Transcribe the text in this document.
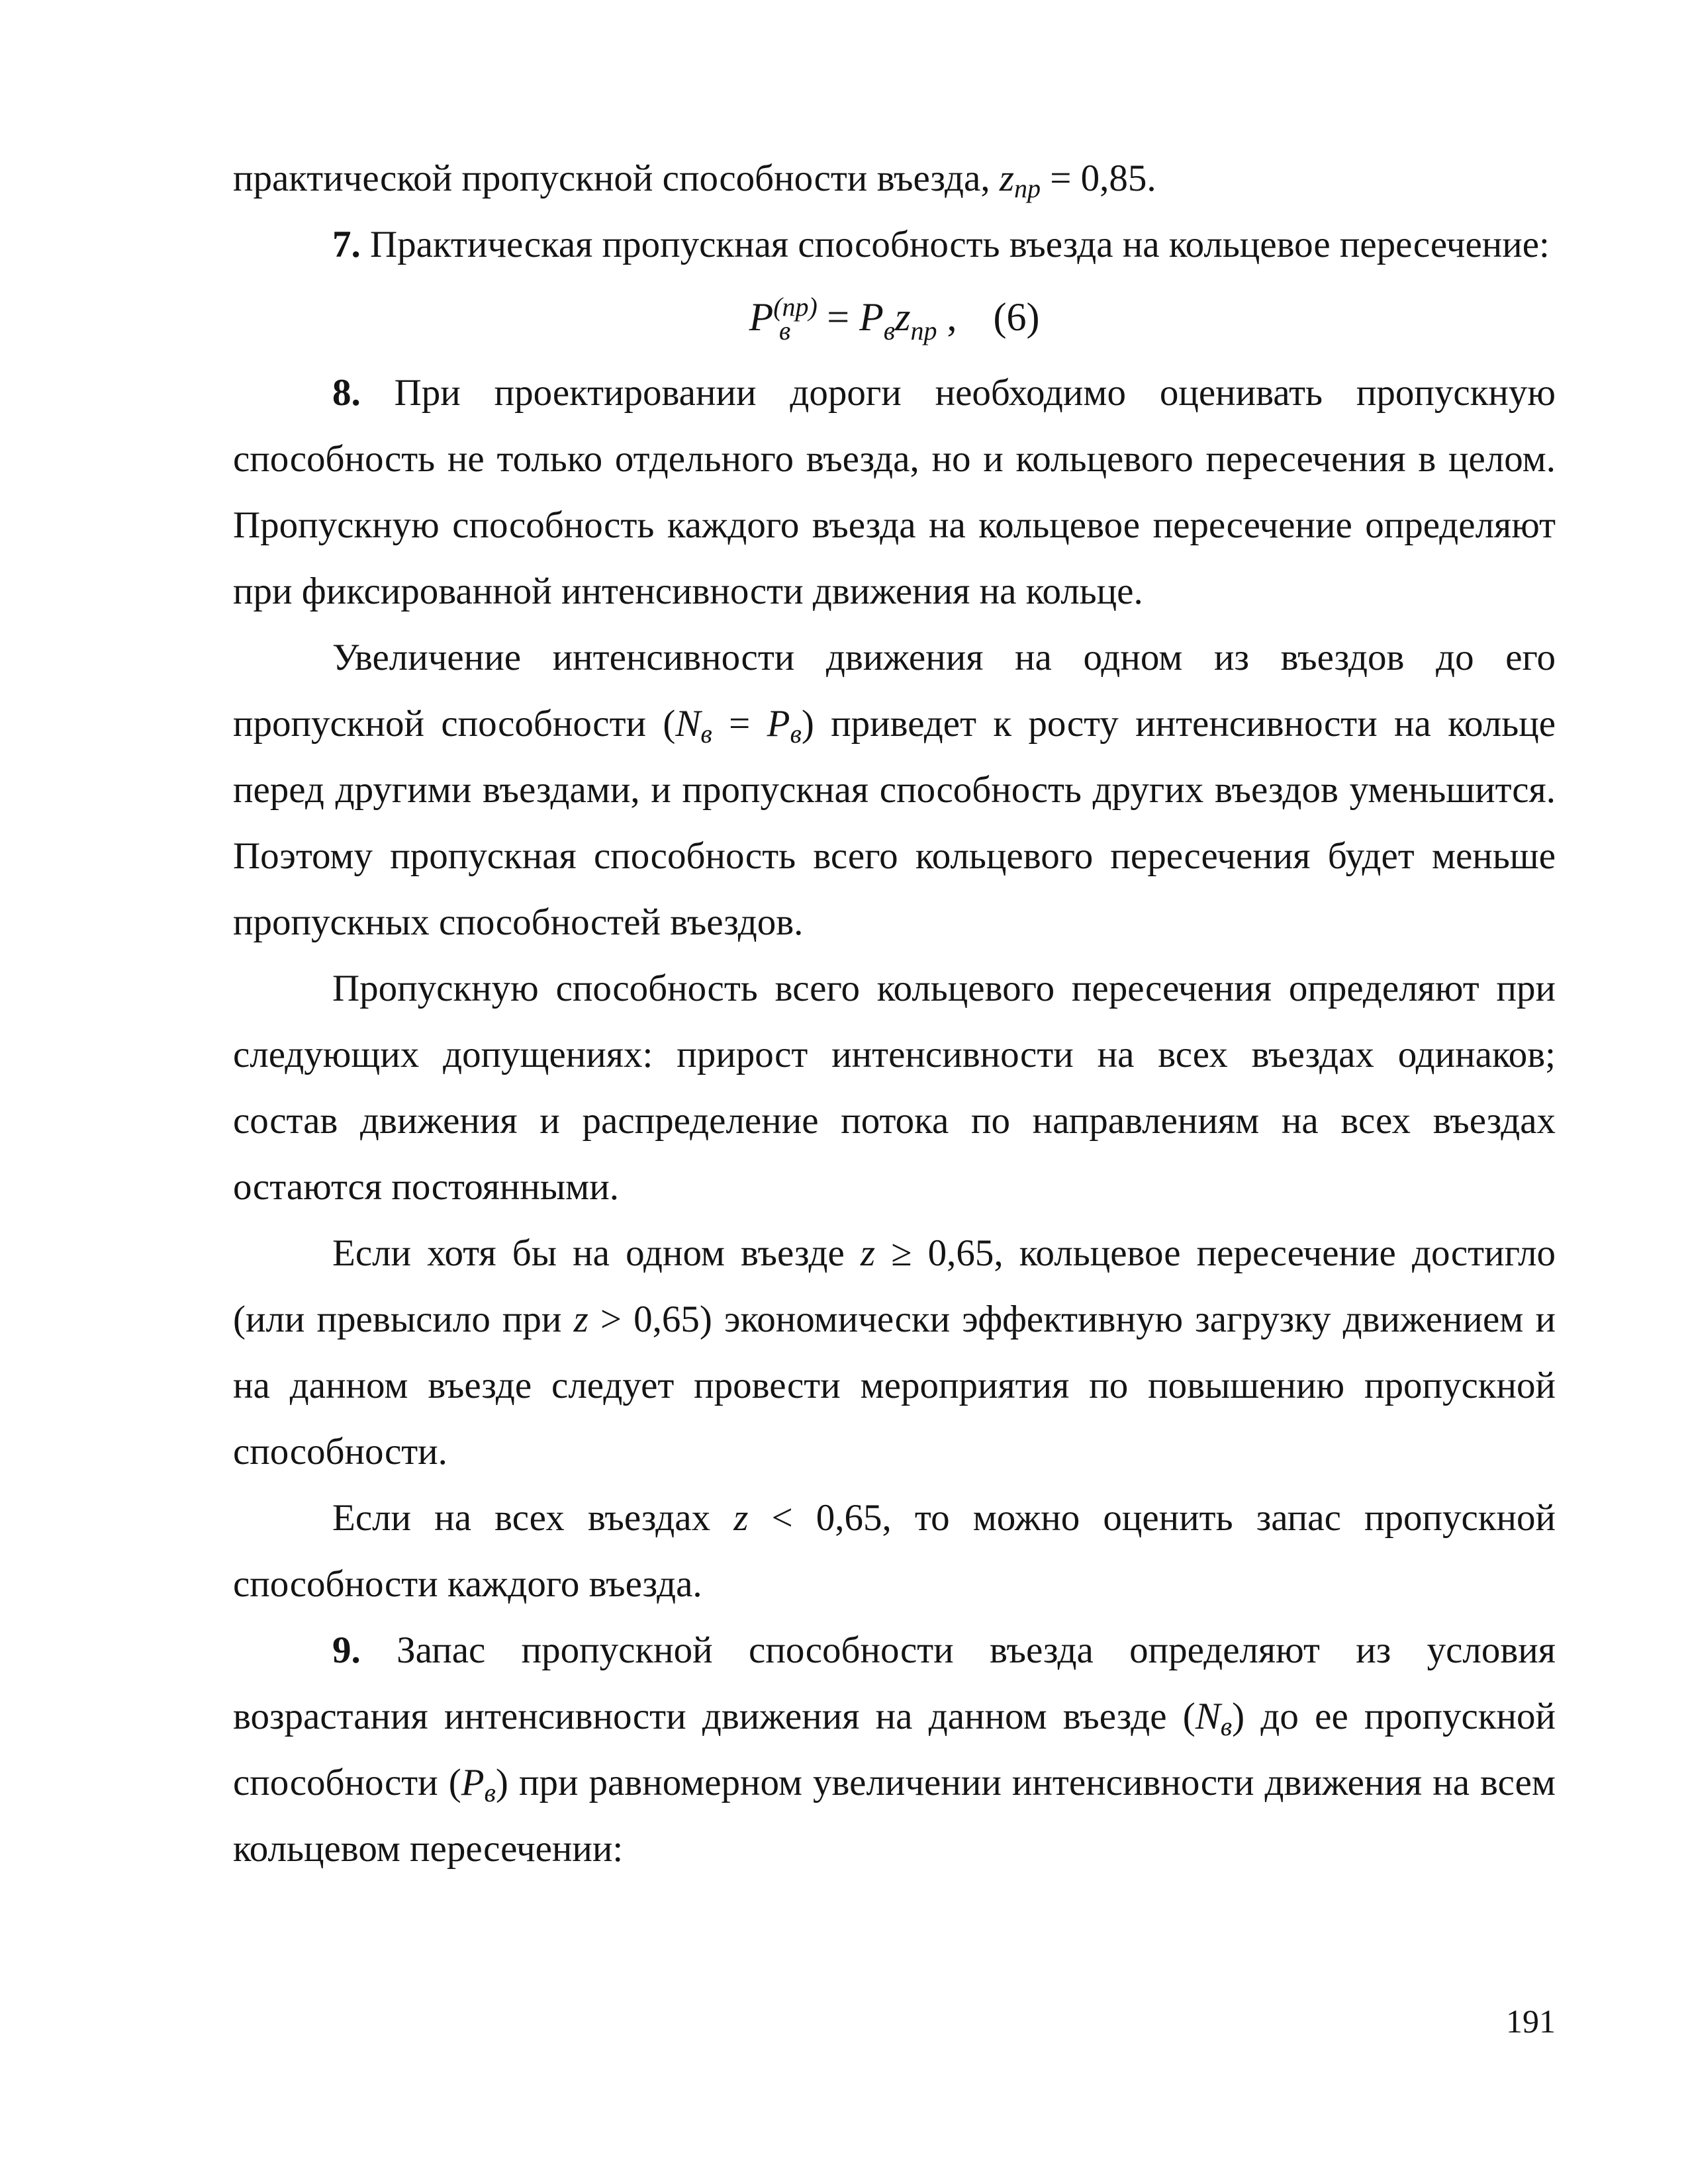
практической пропускной способности въезда, $z_{пр} = 0,85$.

7. Практическая пропускная способность въезда на кольцевое пересечение:

$P^{(пр)}_в = P_вz_{пр}$ , (6)

8. При проектировании дороги необходимо оценивать пропускную способность не только отдельного въезда, но и кольцевого пересечения в целом. Пропускную способность каждого въезда на кольцевое пересечение определяют при фиксированной интенсивности движения на кольце.

Увеличение интенсивности движения на одном из въездов до его пропускной способности $(N_в = P_в)$ приведет к росту интенсивности на кольце перед другими въездами, и пропускная способность других въездов уменьшится. Поэтому пропускная способность всего кольцевого пересечения будет меньше пропускных способностей въездов.

Пропускную способность всего кольцевого пересечения определяют при следующих допущениях: прирост интенсивности на всех въездах одинаков; состав движения и распределение потока по направлениям на всех въездах остаются постоянными.

Если хотя бы на одном въезде z ≥ 0,65, кольцевое пересечение достигло (или превысило при z > 0,65) экономически эффективную загрузку движением и на данном въезде следует провести мероприятия по повышению пропускной способности.

Если на всех въездах z < 0,65, то можно оценить запас пропускной способности каждого въезда.

9. Запас пропускной способности въезда определяют из условия возрастания интенсивности движения на данном въезде $(N_в)$ до ее пропускной способности $(P_в)$ при равномерном увеличении интенсивности движения на всем кольцевом пересечении:

191
